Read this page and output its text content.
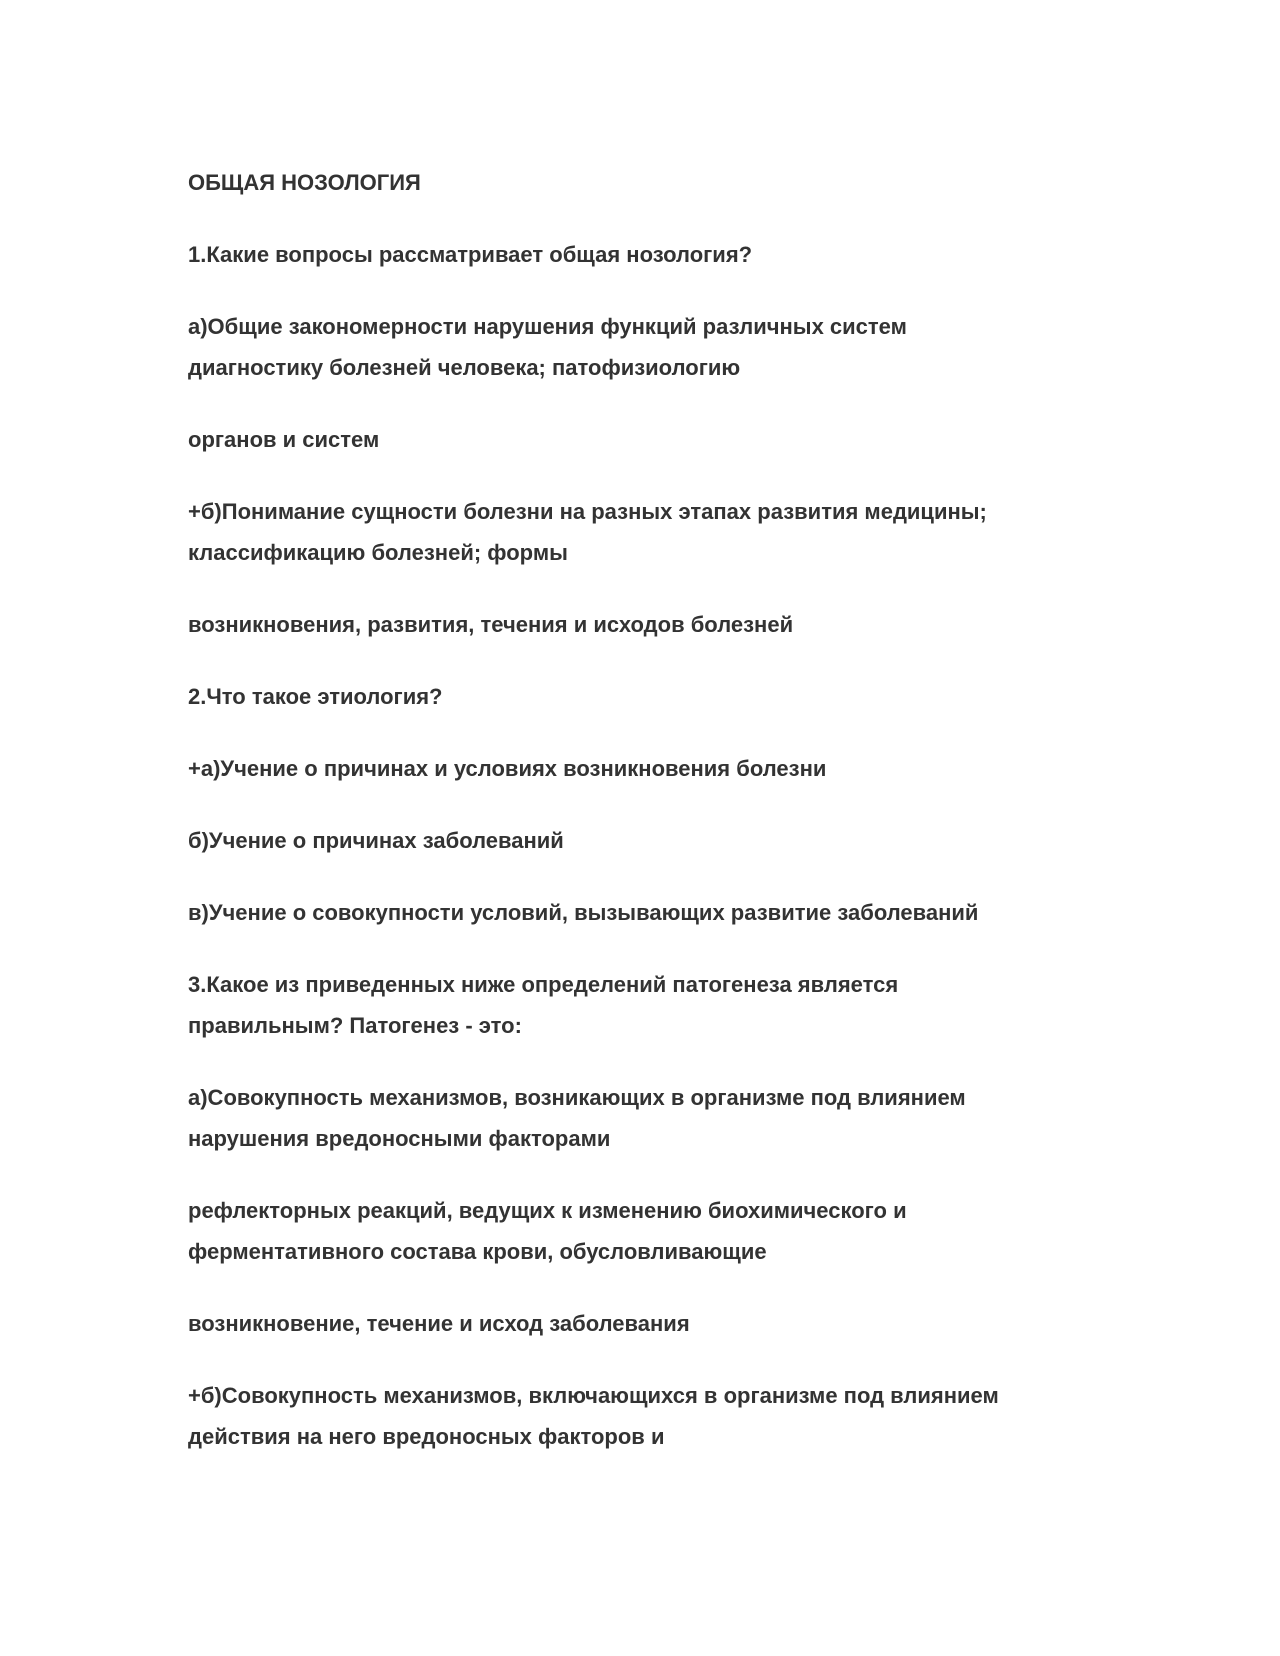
ОБЩАЯ НОЗОЛОГИЯ

1.Какие вопросы рассматривает общая нозология?

а)Общие закономерности нарушения функций различных систем
диагностику болезней человека; патофизиологию

органов и систем

+б)Понимание сущности болезни на разных этапах развития медицины;
классификацию болезней; формы

возникновения, развития, течения и исходов болезней

2.Что такое этиология?

+а)Учение о причинах и условиях возникновения болезни

б)Учение о причинах заболеваний

в)Учение о совокупности условий, вызывающих развитие заболеваний

3.Какое из приведенных ниже определений патогенеза является
правильным? Патогенез - это:

а)Совокупность механизмов, возникающих в организме под влиянием
нарушения вредоносными факторами

рефлекторных реакций, ведущих к изменению биохимического и
ферментативного состава крови, обусловливающие

возникновение, течение и исход заболевания

+б)Совокупность механизмов, включающихся в организме под влиянием
действия на него вредоносных факторов и
